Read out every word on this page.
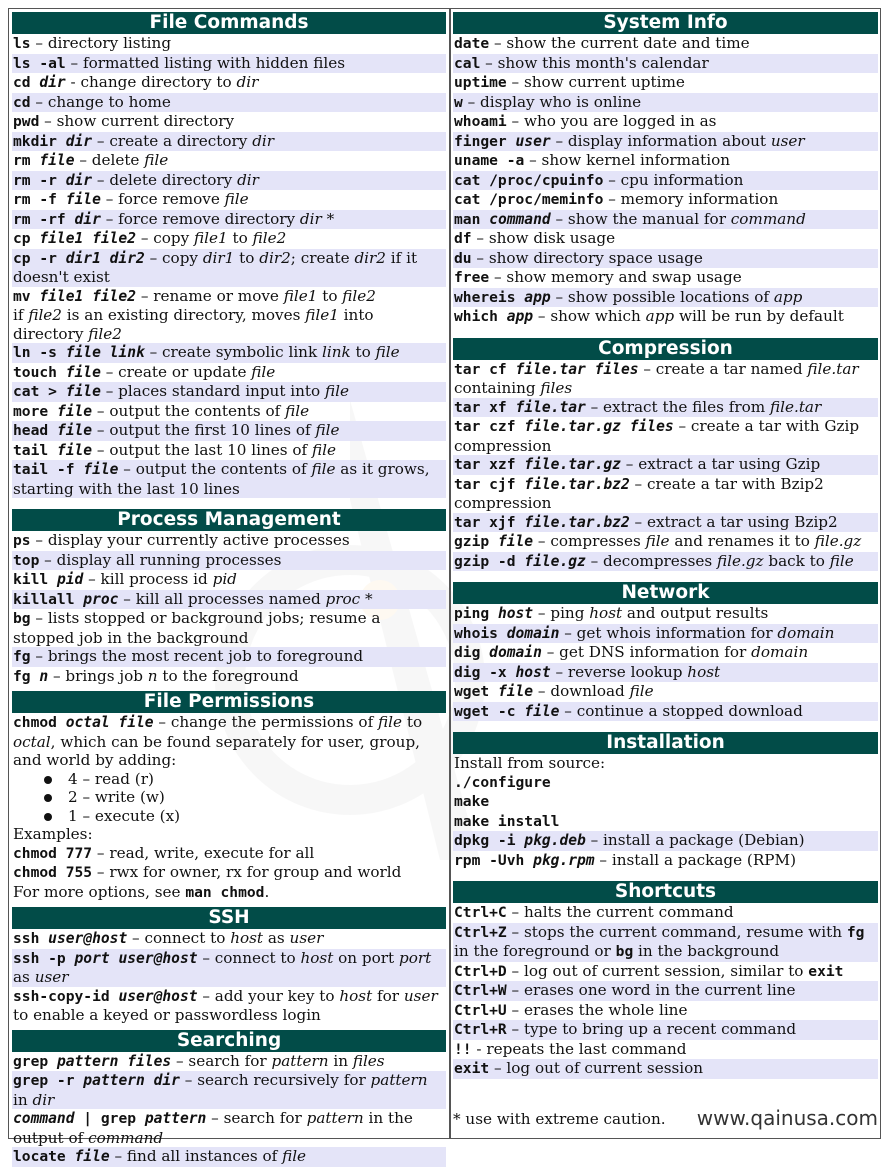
File Commands
ls – directory listing
ls -al – formatted listing with hidden files
cd dir - change directory to dir
cd – change to home
pwd – show current directory
mkdir dir – create a directory dir
rm file – delete file
rm -r dir – delete directory dir
rm -f file – force remove file
rm -rf dir – force remove directory dir *
cp file1 file2 – copy file1 to file2
cp -r dir1 dir2 – copy dir1 to dir2; create dir2 if it doesn't exist
mv file1 file2 – rename or move file1 to file2
if file2 is an existing directory, moves file1 into directory file2
ln -s file link – create symbolic link link to file
touch file – create or update file
cat > file – places standard input into file
more file – output the contents of file
head file – output the first 10 lines of file
tail file – output the last 10 lines of file
tail -f file – output the contents of file as it grows, starting with the last 10 lines
Process Management
ps – display your currently active processes
top – display all running processes
kill pid – kill process id pid
killall proc – kill all processes named proc *
bg – lists stopped or background jobs; resume a stopped job in the background
fg – brings the most recent job to foreground
fg n – brings job n to the foreground
File Permissions
chmod octal file – change the permissions of file to octal, which can be found separately for user, group, and world by adding:
4 – read (r)
2 – write (w)
1 – execute (x)
Examples:
chmod 777 – read, write, execute for all
chmod 755 – rwx for owner, rx for group and world
For more options, see man chmod.
SSH
ssh user@host – connect to host as user
ssh -p port user@host – connect to host on port port as user
ssh-copy-id user@host – add your key to host for user to enable a keyed or passwordless login
Searching
grep pattern files – search for pattern in files
grep -r pattern dir – search recursively for pattern in dir
command | grep pattern – search for pattern in the output of command
locate file – find all instances of file
System Info
date – show the current date and time
cal – show this month's calendar
uptime – show current uptime
w – display who is online
whoami – who you are logged in as
finger user – display information about user
uname -a – show kernel information
cat /proc/cpuinfo – cpu information
cat /proc/meminfo – memory information
man command – show the manual for command
df – show disk usage
du – show directory space usage
free – show memory and swap usage
whereis app – show possible locations of app
which app – show which app will be run by default
Compression
tar cf file.tar files – create a tar named file.tar containing files
tar xf file.tar – extract the files from file.tar
tar czf file.tar.gz files – create a tar with Gzip compression
tar xzf file.tar.gz – extract a tar using Gzip
tar cjf file.tar.bz2 – create a tar with Bzip2 compression
tar xjf file.tar.bz2 – extract a tar using Bzip2
gzip file – compresses file and renames it to file.gz
gzip -d file.gz – decompresses file.gz back to file
Network
ping host – ping host and output results
whois domain – get whois information for domain
dig domain – get DNS information for domain
dig -x host – reverse lookup host
wget file – download file
wget -c file – continue a stopped download
Installation
Install from source:
./configure
make
make install
dpkg -i pkg.deb – install a package (Debian)
rpm -Uvh pkg.rpm – install a package (RPM)
Shortcuts
Ctrl+C – halts the current command
Ctrl+Z – stops the current command, resume with fg in the foreground or bg in the background
Ctrl+D – log out of current session, similar to exit
Ctrl+W – erases one word in the current line
Ctrl+U – erases the whole line
Ctrl+R – type to bring up a recent command
!! - repeats the last command
exit – log out of current session
* use with extreme caution. www.qainusa.com
